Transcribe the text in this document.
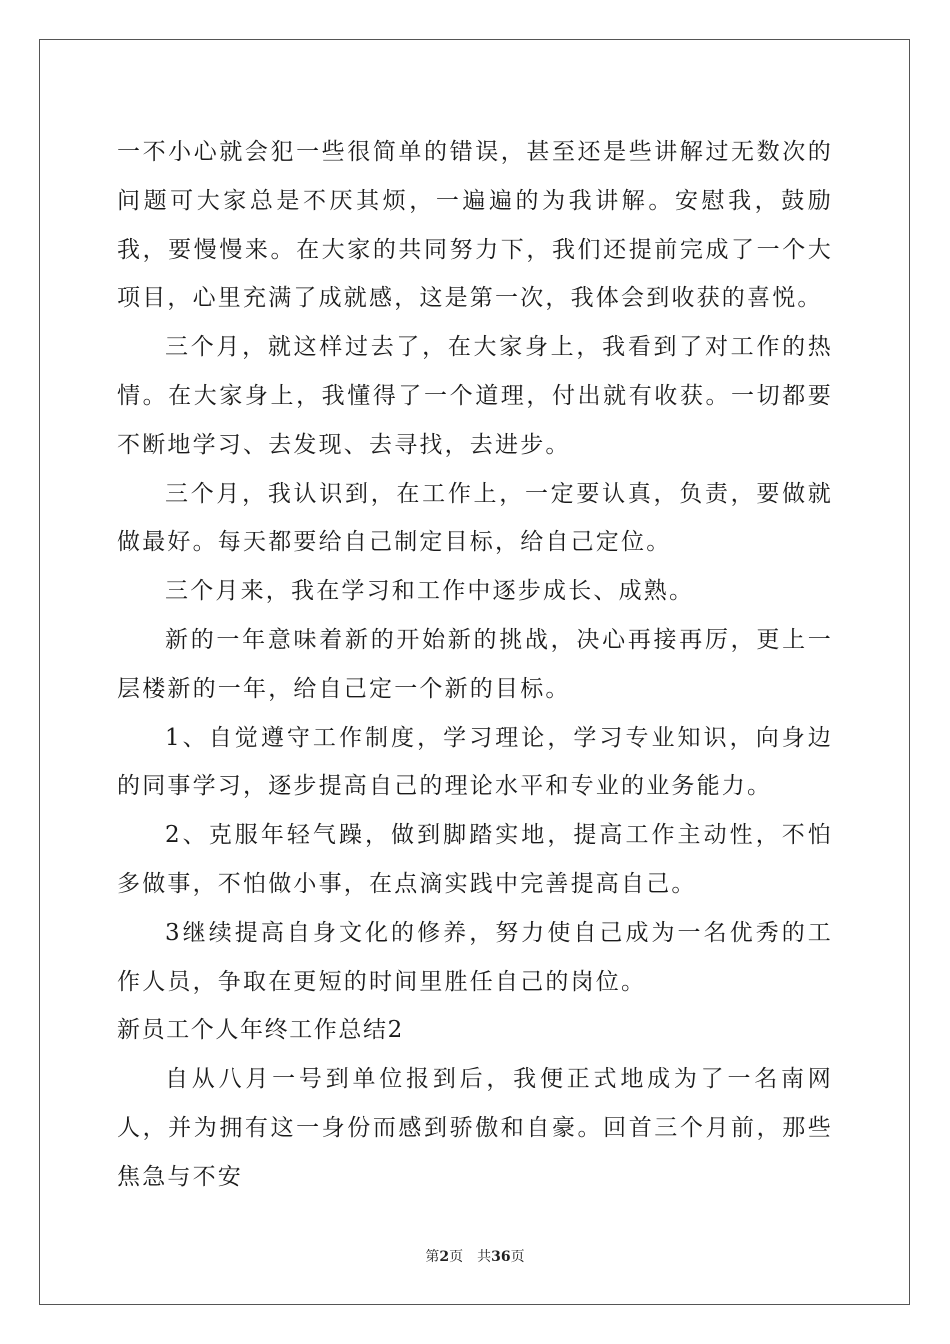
一不小心就会犯一些很简单的错误，甚至还是些讲解过无数次的问题可大家总是不厌其烦，一遍遍的为我讲解。安慰我，鼓励我，要慢慢来。在大家的共同努力下，我们还提前完成了一个大项目，心里充满了成就感，这是第一次，我体会到收获的喜悦。

三个月，就这样过去了，在大家身上，我看到了对工作的热情。在大家身上，我懂得了一个道理，付出就有收获。一切都要不断地学习、去发现、去寻找，去进步。

三个月，我认识到，在工作上，一定要认真，负责，要做就做最好。每天都要给自己制定目标，给自己定位。

三个月来，我在学习和工作中逐步成长、成熟。

新的一年意味着新的开始新的挑战，决心再接再厉，更上一层楼新的一年，给自己定一个新的目标。

1、自觉遵守工作制度，学习理论，学习专业知识，向身边的同事学习，逐步提高自己的理论水平和专业的业务能力。

2、克服年轻气躁，做到脚踏实地，提高工作主动性，不怕多做事，不怕做小事，在点滴实践中完善提高自己。

3继续提高自身文化的修养，努力使自己成为一名优秀的工作人员，争取在更短的时间里胜任自己的岗位。

新员工个人年终工作总结2

自从八月一号到单位报到后，我便正式地成为了一名南网人，并为拥有这一身份而感到骄傲和自豪。回首三个月前，那些焦急与不安

第2页 共36页
